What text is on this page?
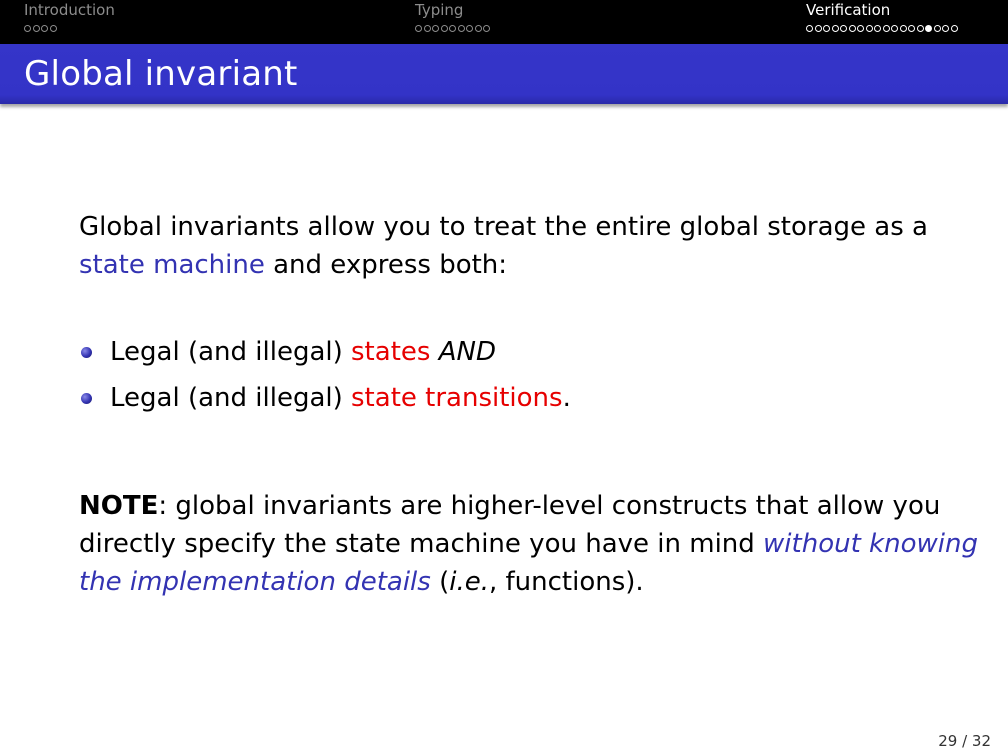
Introduction	Typing	Verification
Global invariant
Global invariants allow you to treat the entire global storage as a
state machine and express both:
Legal (and illegal) states AND
Legal (and illegal) state transitions.
NOTE: global invariants are higher-level constructs that allow you
directly specify the state machine you have in mind without knowing
the implementation details (i.e., functions).
29 / 32
